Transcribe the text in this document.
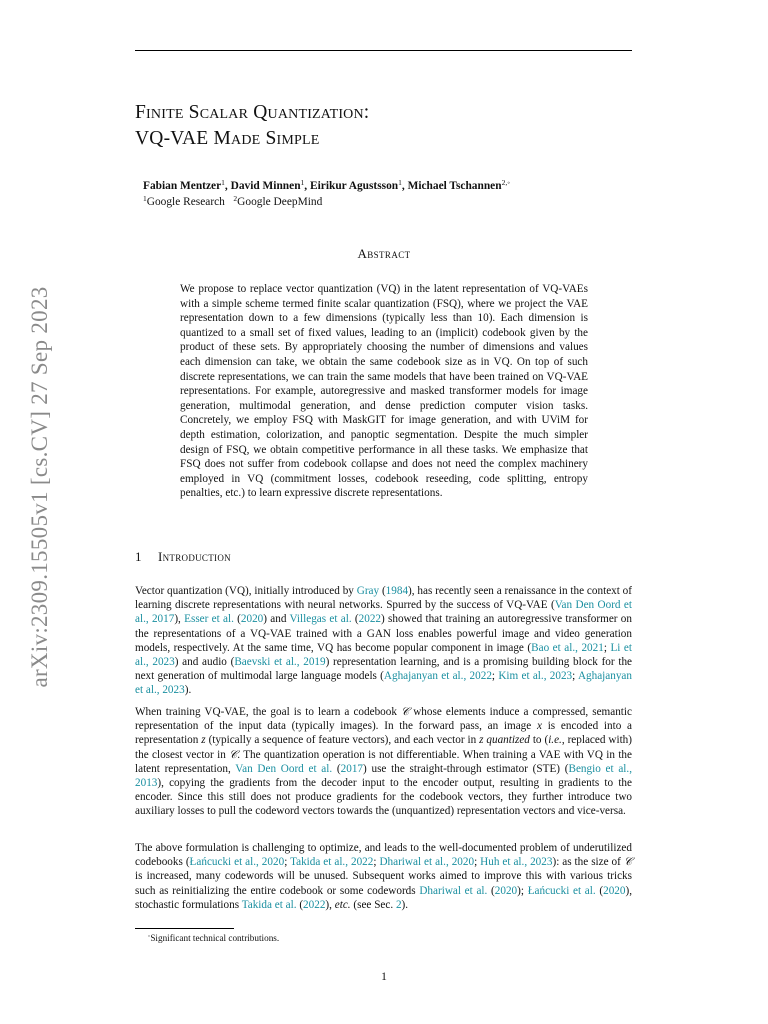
arXiv:2309.15505v1 [cs.CV] 27 Sep 2023
Finite Scalar Quantization:
VQ-VAE Made Simple
Fabian Mentzer$^1$, David Minnen$^1$, Eirikur Agustsson$^1$, Michael Tschannen$^{2,◦}$
$^1$Google Research $^2$Google DeepMind
Abstract

We propose to replace vector quantization (VQ) in the latent representation of VQ-VAEs with a simple scheme termed finite scalar quantization (FSQ), where we project the VAE representation down to a few dimensions (typically less than 10). Each dimension is quantized to a small set of fixed values, leading to an (implicit) codebook given by the product of these sets. By appropriately choosing the number of dimensions and values each dimension can take, we obtain the same codebook size as in VQ. On top of such discrete representations, we can train the same models that have been trained on VQ-VAE representations. For example, autoregressive and masked transformer models for image generation, multimodal generation, and dense prediction computer vision tasks. Concretely, we employ FSQ with MaskGIT for image generation, and with UViM for depth estimation, colorization, and panoptic segmentation. Despite the much simpler design of FSQ, we obtain competitive performance in all these tasks. We emphasize that FSQ does not suffer from codebook collapse and does not need the complex machinery employed in VQ (commitment losses, codebook reseeding, code splitting, entropy penalties, etc.) to learn expressive discrete representations.

1 Introduction

Vector quantization (VQ), initially introduced by Gray (1984), has recently seen a renaissance in the context of learning discrete representations with neural networks. Spurred by the success of VQ-VAE (Van Den Oord et al., 2017), Esser et al. (2020) and Villegas et al. (2022) showed that training an autoregressive transformer on the representations of a VQ-VAE trained with a GAN loss enables powerful image and video generation models, respectively. At the same time, VQ has become popular component in image (Bao et al., 2021; Li et al., 2023) and audio (Baevski et al., 2019) representation learning, and is a promising building block for the next generation of multimodal large language models (Aghajanyan et al., 2022; Kim et al., 2023; Aghajanyan et al., 2023).

When training VQ-VAE, the goal is to learn a codebook 𝒞 whose elements induce a compressed, semantic representation of the input data (typically images). In the forward pass, an image x is encoded into a representation z (typically a sequence of feature vectors), and each vector in z quantized to (i.e., replaced with) the closest vector in 𝒞. The quantization operation is not differentiable. When training a VAE with VQ in the latent representation, Van Den Oord et al. (2017) use the straight-through estimator (STE) (Bengio et al., 2013), copying the gradients from the decoder input to the encoder output, resulting in gradients to the encoder. Since this still does not produce gradients for the codebook vectors, they further introduce two auxiliary losses to pull the codeword vectors towards the (unquantized) representation vectors and vice-versa.

The above formulation is challenging to optimize, and leads to the well-documented problem of underutilized codebooks (Łańcucki et al., 2020; Takida et al., 2022; Dhariwal et al., 2020; Huh et al., 2023): as the size of 𝒞 is increased, many codewords will be unused. Subsequent works aimed to improve this with various tricks such as reinitializing the entire codebook or some codewords Dhariwal et al. (2020); Łańcucki et al. (2020), stochastic formulations Takida et al. (2022), etc. (see Sec. 2).

◦Significant technical contributions.
1
